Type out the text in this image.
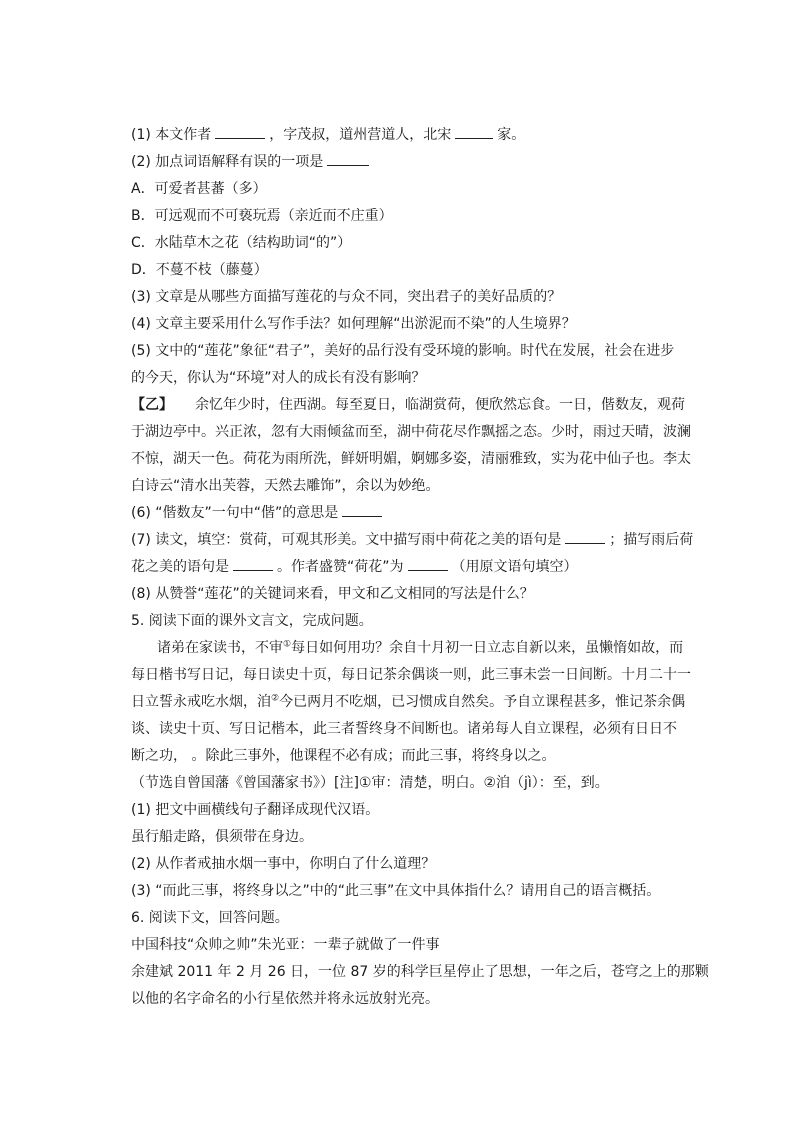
(1) 本文作者	，字茂叔，道州营道人，北宋	家。
(2) 加点词语解释有误的一项是
A．可爱者甚蕃（多）
B．可远观而不可亵玩焉（亲近而不庄重）
C．水陆草木之花（结构助词“的”）
D．不蔓不枝（藤蔓）
(3) 文章是从哪些方面描写莲花的与众不同，突出君子的美好品质的？
(4) 文章主要采用什么写作手法？如何理解“出淤泥而不染”的人生境界？
(5) 文中的“莲花”象征“君子”，美好的品行没有受环境的影响。时代在发展，社会在进步
的今天，你认为“环境”对人的成长有没有影响？
【乙】 余忆年少时，住西湖。每至夏日，临湖赏荷，便欣然忘食。一日，偕数友，观荷
于湖边亭中。兴正浓，忽有大雨倾盆而至，湖中荷花尽作飘摇之态。少时，雨过天晴，波澜
不惊，湖天一色。荷花为雨所洗，鲜妍明媚，婀娜多姿，清丽雅致，实为花中仙子也。李太
白诗云“清水出芙蓉，天然去雕饰”，余以为妙绝。
(6) “偕数友”一句中“偕”的意思是
(7) 读文，填空：赏荷，可观其形美。文中描写雨中荷花之美的语句是	；描写雨后荷
花之美的语句是	。作者盛赞“荷花”为	（用原文语句填空）
(8) 从赞誉“莲花”的关键词来看，甲文和乙文相同的写法是什么？
5. 阅读下面的课外文言文，完成问题。
诸弟在家读书，不审①每日如何用功？余自十月初一日立志自新以来，虽懒惰如故，而
每日楷书写日记，每日读史十页，每日记茶余偶谈一则，此三事未尝一日间断。十月二十一
日立誓永戒吃水烟，洎②今已两月不吃烟，已习惯成自然矣。予自立课程甚多，惟记茶余偶
谈、读史十页、写日记楷本，此三者誓终身不间断也。诸弟每人自立课程，必须有日日不
断之功， 。除此三事外，他课程不必有成；而此三事，将终身以之。
（节选自曾国藩《曾国藩家书》）[注]①审：清楚，明白。②洎（jì）：至，到。
(1) 把文中画横线句子翻译成现代汉语。
虽行船走路，俱须带在身边。
(2) 从作者戒抽水烟一事中，你明白了什么道理？
(3) “而此三事，将终身以之”中的“此三事”在文中具体指什么？请用自己的语言概括。
6. 阅读下文，回答问题。
中国科技“众帅之帅”朱光亚：一辈子就做了一件事
余建斌 2011 年 2 月 26 日，一位 87 岁的科学巨星停止了思想，一年之后，苍穹之上的那颗
以他的名字命名的小行星依然并将永远放射光亮。
